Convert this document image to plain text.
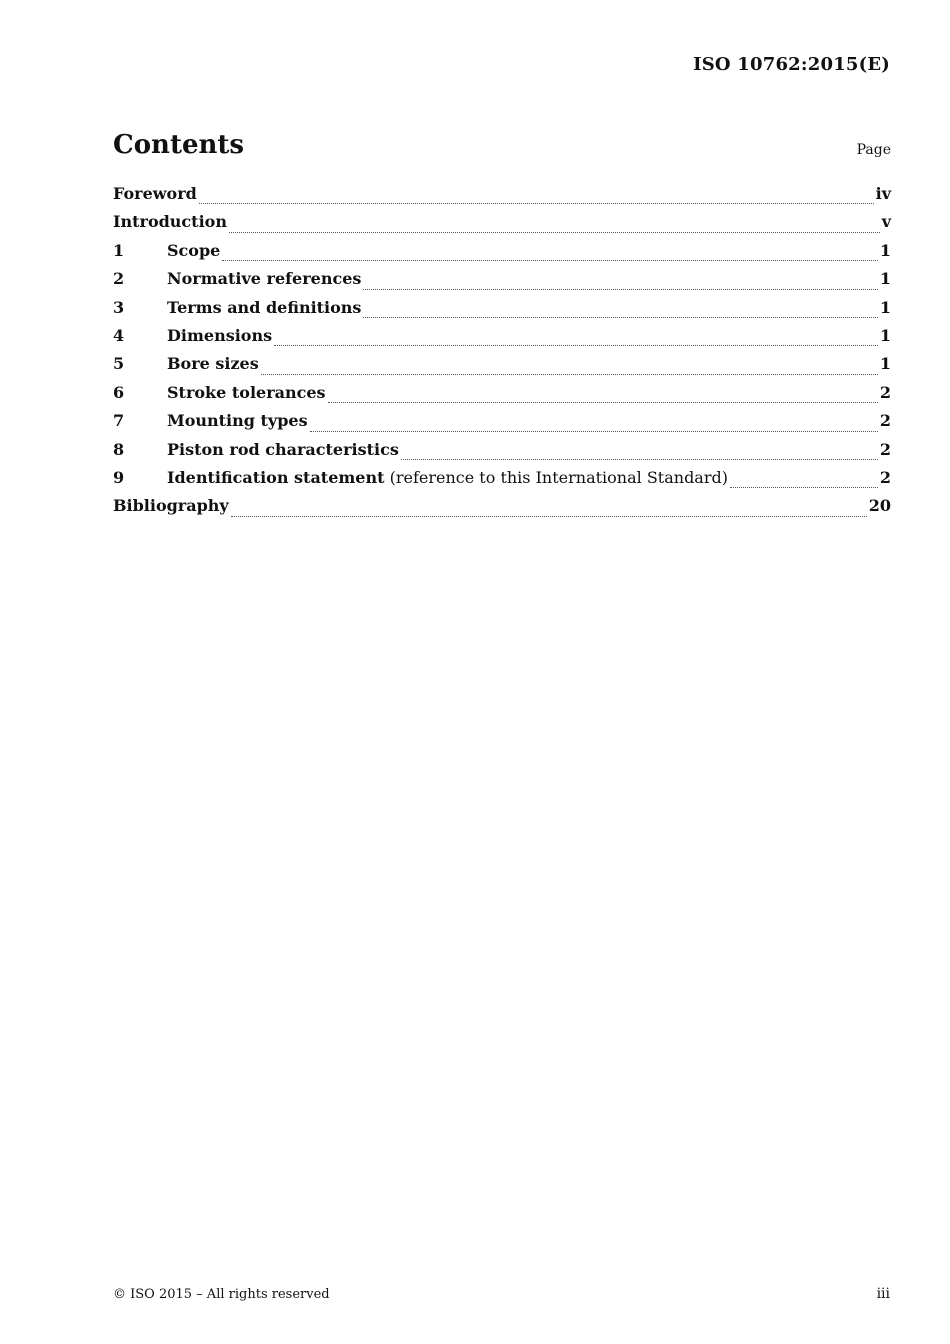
ISO 10762:2015(E)
Contents	Page
Foreword	iv
Introduction	v
1	Scope	1
2	Normative references	1
3	Terms and definitions	1
4	Dimensions	1
5	Bore sizes	1
6	Stroke tolerances	2
7	Mounting types	2
8	Piston rod characteristics	2
9	Identification statement (reference to this International Standard)	2
Bibliography	20
© ISO 2015 – All rights reserved	iii
